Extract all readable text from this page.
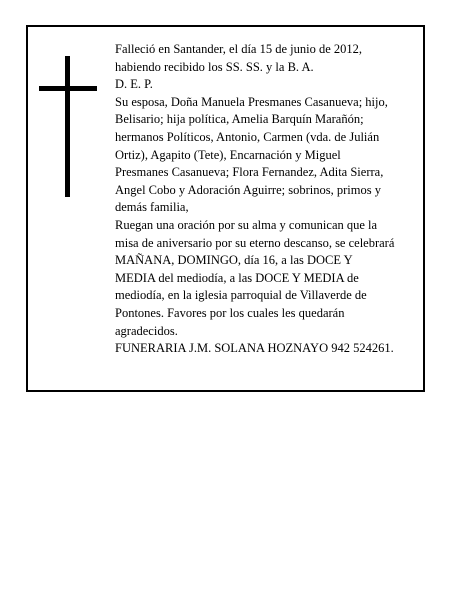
Falleció en Santander, el día 15 de junio de 2012,

habiendo recibido los SS. SS. y la B. A.

D. E. P.

Su esposa, Doña Manuela Presmanes Casanueva; hijo,

Belisario; hija política, Amelia Barquín Marañón;

hermanos Políticos, Antonio, Carmen (vda. de Julián

Ortiz), Agapito (Tete), Encarnación y Miguel

Presmanes Casanueva; Flora Fernandez, Adita Sierra,

Angel Cobo y Adoración Aguirre; sobrinos, primos y

demás familia,

Ruegan una oración por su alma y comunican que la

misa de aniversario por su eterno descanso, se celebrará

MAÑANA, DOMINGO, día 16, a las DOCE Y

MEDIA del mediodía, a las DOCE Y MEDIA de

mediodía, en la iglesia parroquial de Villaverde de

Pontones. Favores por los cuales les quedarán

agradecidos.

FUNERARIA J.M. SOLANA HOZNAYO 942 524261.
